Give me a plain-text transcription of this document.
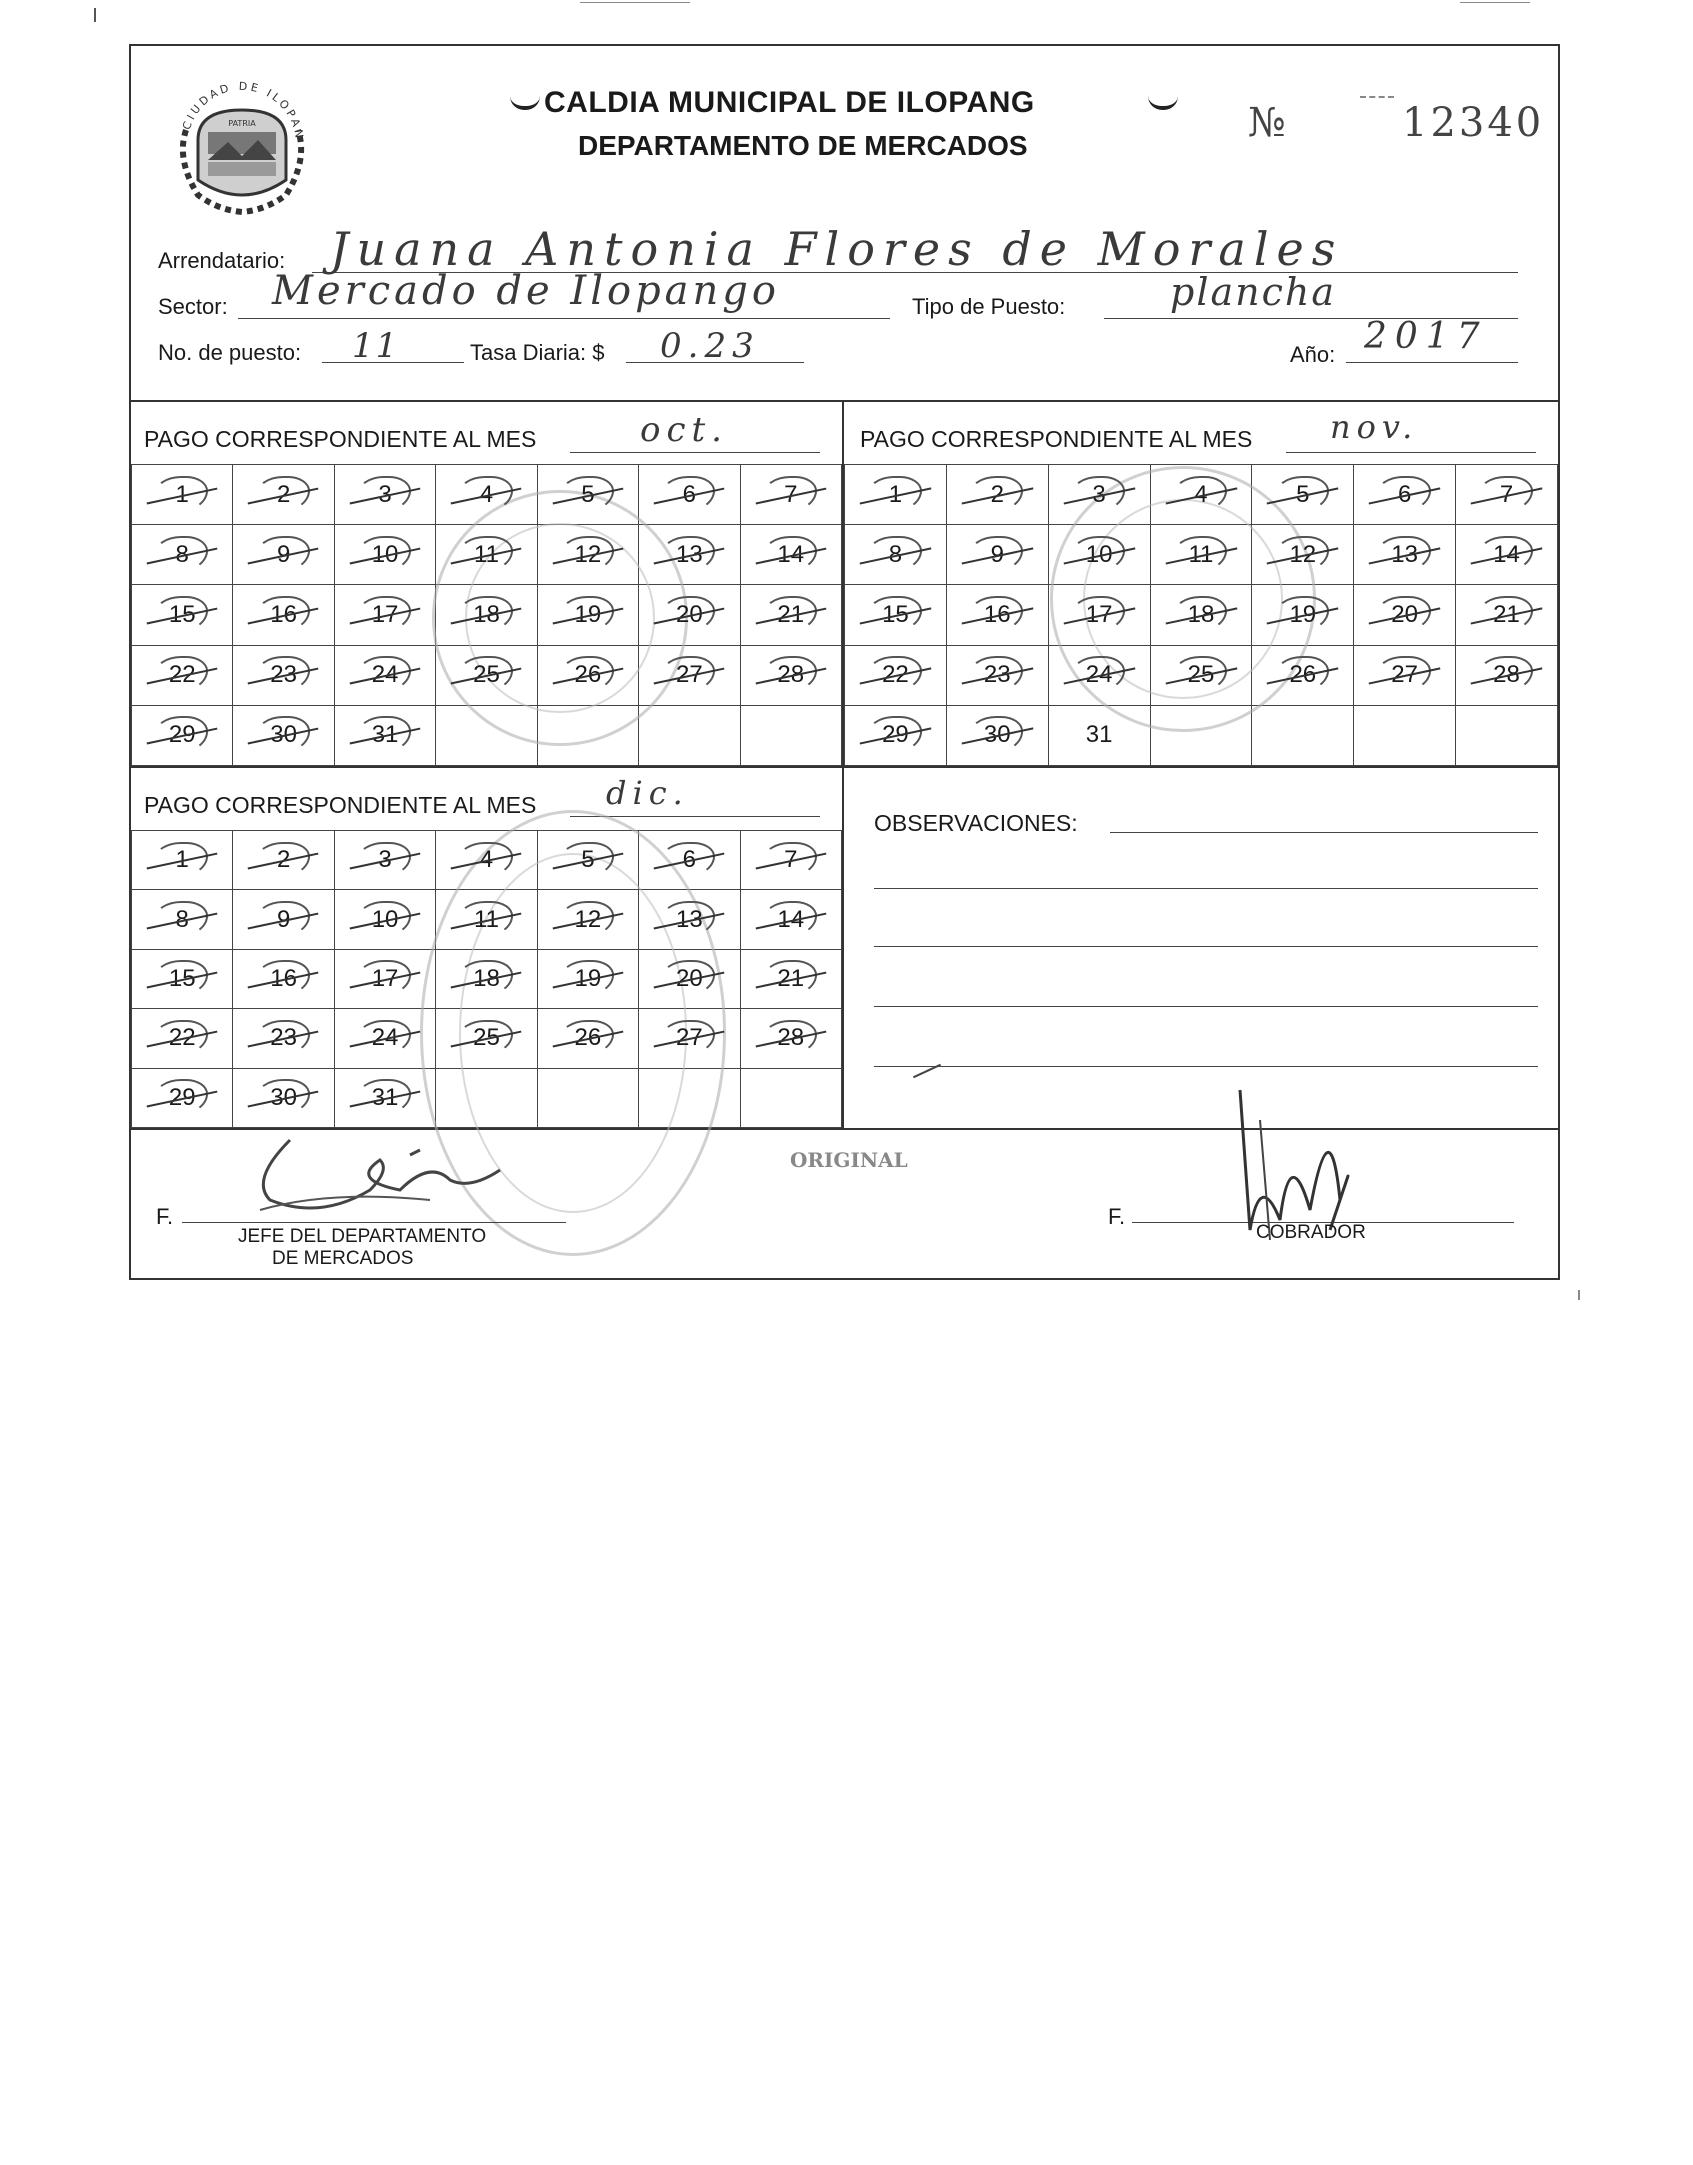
CIUDAD DE ILOPAN
PATRIA
CALDIA MUNICIPAL DE ILOPANG
DEPARTAMENTO DE MERCADOS	№	12340
Arrendatario: Juana Antonia Flores de Morales
Sector: Mercado de Ilopango	Tipo de Puesto:	plancha
No. de puesto: 11	Tasa Diaria: $ 0.23	Año: 2017
PAGO CORRESPONDIENTE AL MES	oct.
1	2	3	4	5	6	7
8	9	10	11	12	13	14
15	16	17	18	19	20	21
22	23	24	25	26	27	28
29	30	31				
PAGO CORRESPONDIENTE AL MES nov.
1	2	3	4	5	6	7
8	9	10	11	12	13	14
15	16	17	18	19	20	21
22	23	24	25	26	27	28
29	30	31				
PAGO CORRESPONDIENTE AL MES dic.
1	2	3	4	5	6	7
8	9	10	11	12	13	14
15	16	17	18	19	20	21
22	23	24	25	26	27	28
29	30	31				
OBSERVACIONES:
ORIGINAL
F.
JEFE DEL DEPARTAMENTO
DE MERCADOS
F.
COBRADOR
